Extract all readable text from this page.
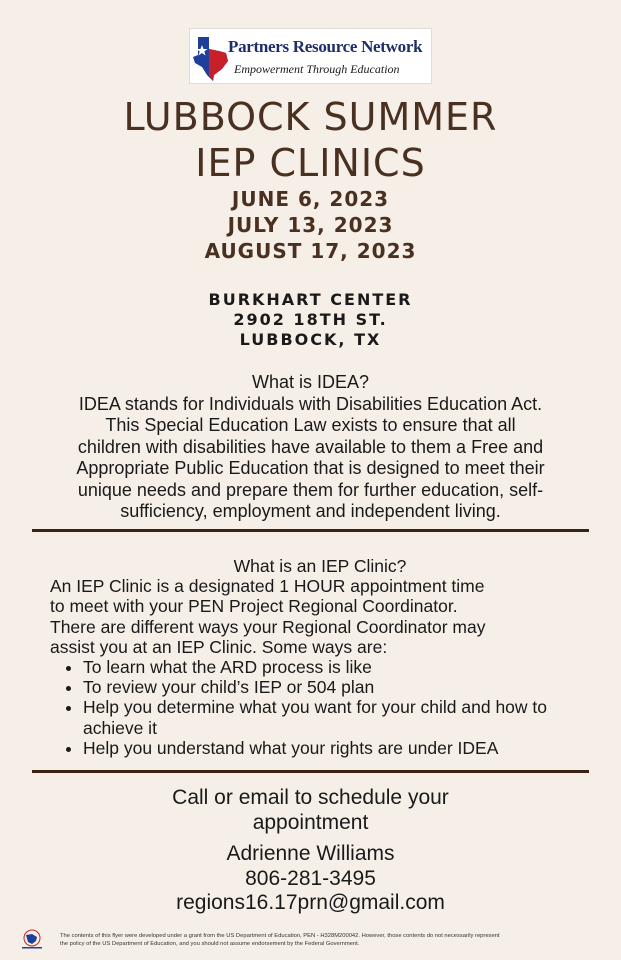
Partners Resource Network
Empowerment Through Education
LUBBOCK SUMMER
IEP CLINICS
JUNE 6, 2023
JULY 13, 2023
AUGUST 17, 2023
BURKHART CENTER
2902 18TH ST.
LUBBOCK, TX
What is IDEA?
IDEA stands for Individuals with Disabilities Education Act.
This Special Education Law exists to ensure that all
children with disabilities have available to them a Free and
Appropriate Public Education that is designed to meet their
unique needs and prepare them for further education, self-
sufficiency, employment and independent living.
What is an IEP Clinic?
An IEP Clinic is a designated 1 HOUR appointment time
to meet with your PEN Project Regional Coordinator.
There are different ways your Regional Coordinator may
assist you at an IEP Clinic. Some ways are:
• To learn what the ARD process is like
• To review your child’s IEP or 504 plan
• Help you determine what you want for your child and how to achieve it
• Help you understand what your rights are under IDEA
Call or email to schedule your
appointment
Adrienne Williams
806-281-3495
regions16.17prn@gmail.com
The contents of this flyer were developed under a grant from the US Department of Education, PEN - H328M200042. However, those contents do not necessarily represent
the policy of the US Department of Education, and you should not assume endorsement by the Federal Government.
